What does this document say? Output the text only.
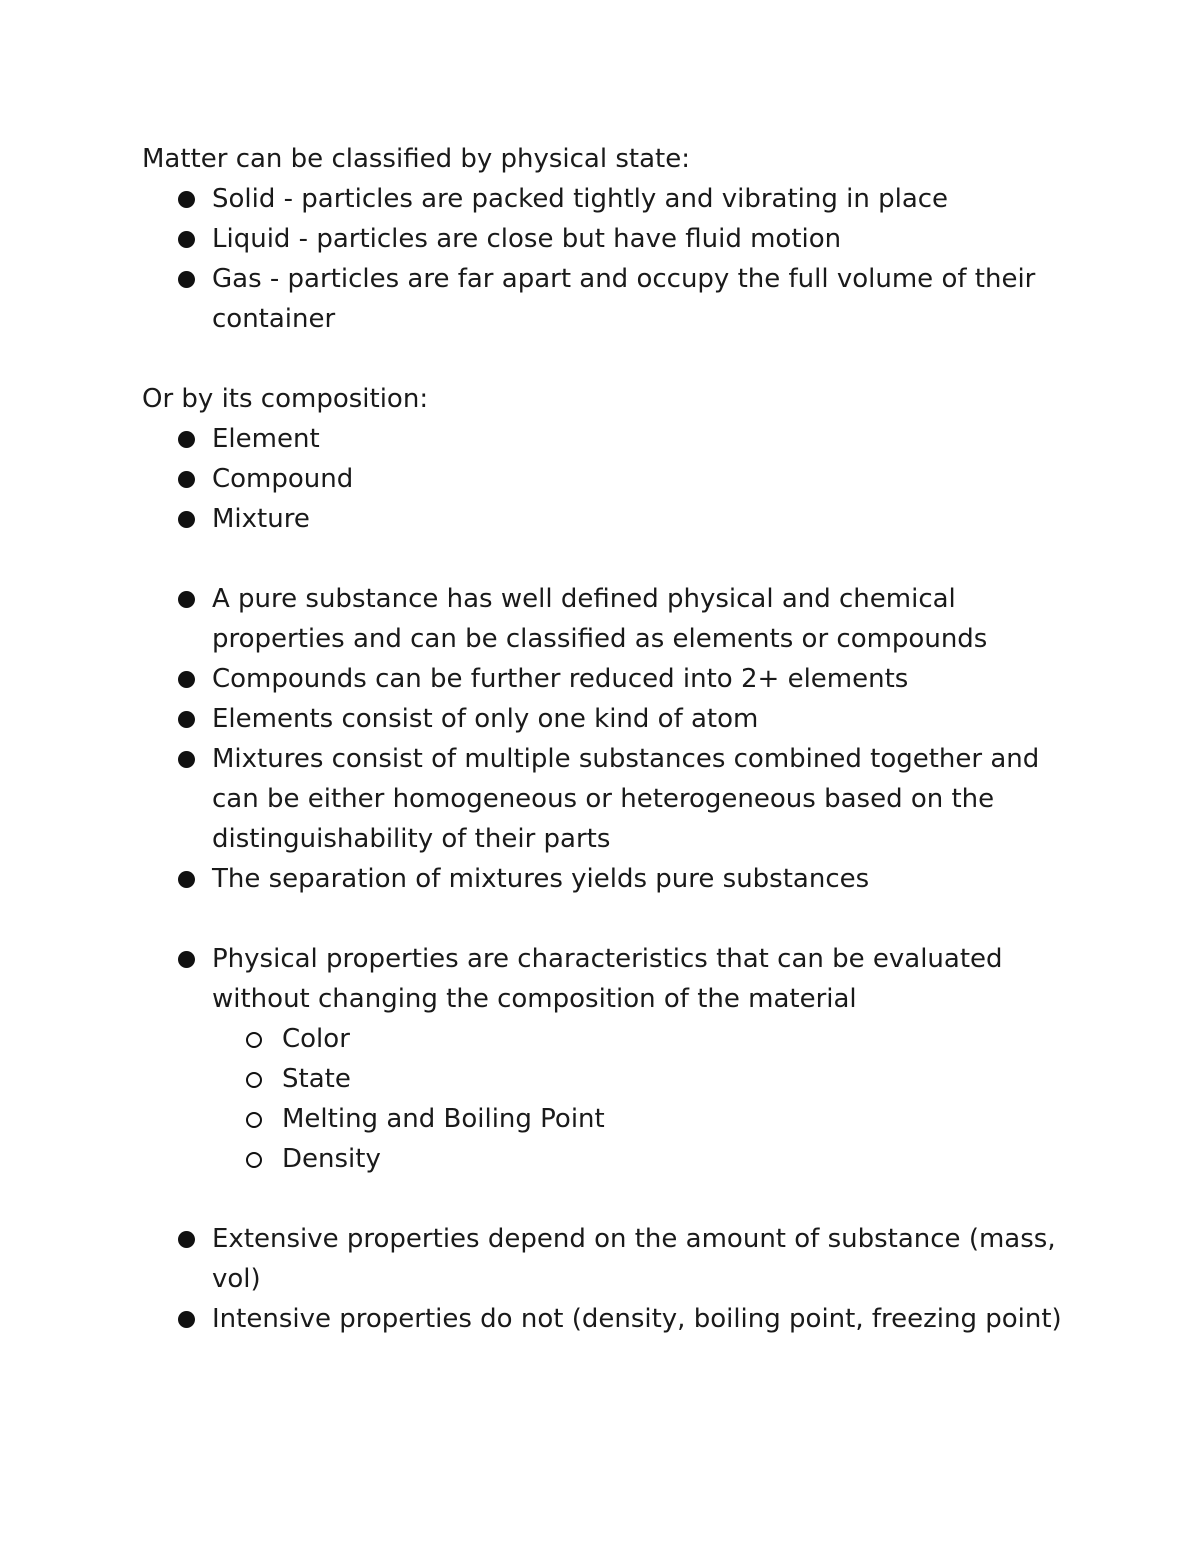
Matter can be classified by physical state:

Solid - particles are packed tightly and vibrating in place
Liquid - particles are close but have fluid motion
Gas - particles are far apart and occupy the full volume of their container

Or by its composition:

Element
Compound
Mixture
A pure substance has well defined physical and chemical properties and can be classified as elements or compounds
Compounds can be further reduced into 2+ elements
Elements consist of only one kind of atom
Mixtures consist of multiple substances combined together and can be either homogeneous or heterogeneous based on the distinguishability of their parts
The separation of mixtures yields pure substances
Physical properties are characteristics that can be evaluated without changing the composition of the material
Color
State
Melting and Boiling Point
Density
Extensive properties depend on the amount of substance (mass, vol)
Intensive properties do not (density, boiling point, freezing point)
